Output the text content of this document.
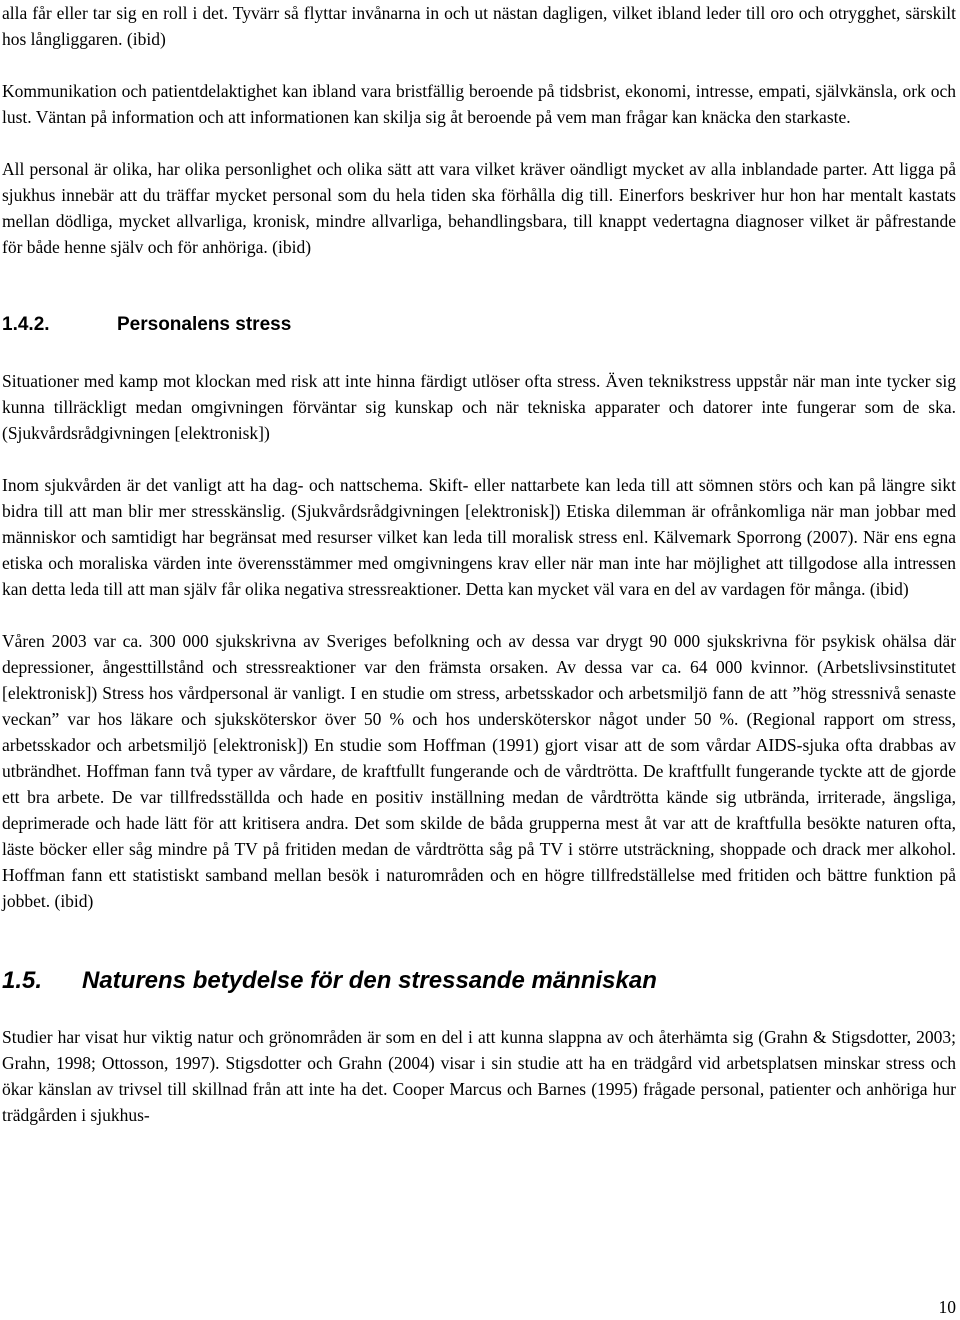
alla får eller tar sig en roll i det. Tyvärr så flyttar invånarna in och ut nästan dagligen, vilket ibland leder till oro och otrygghet, särskilt hos långliggaren. (ibid)

Kommunikation och patientdelaktighet kan ibland vara bristfällig beroende på tidsbrist, ekonomi, intresse, empati, självkänsla, ork och lust. Väntan på information och att informationen kan skilja sig åt beroende på vem man frågar kan knäcka den starkaste.

All personal är olika, har olika personlighet och olika sätt att vara vilket kräver oändligt mycket av alla inblandade parter. Att ligga på sjukhus innebär att du träffar mycket personal som du hela tiden ska förhålla dig till. Einerfors beskriver hur hon har mentalt kastats mellan dödliga, mycket allvarliga, kronisk, mindre allvarliga, behandlingsbara, till knappt vedertagna diagnoser vilket är påfrestande för både henne själv och för anhöriga. (ibid)

1.4.2.	Personalens stress

Situationer med kamp mot klockan med risk att inte hinna färdigt utlöser ofta stress. Även teknikstress uppstår när man inte tycker sig kunna tillräckligt medan omgivningen förväntar sig kunskap och när tekniska apparater och datorer inte fungerar som de ska. (Sjukvårdsrådgivningen [elektronisk])

Inom sjukvården är det vanligt att ha dag- och nattschema. Skift- eller nattarbete kan leda till att sömnen störs och kan på längre sikt bidra till att man blir mer stresskänslig. (Sjukvårdsrådgivningen [elektronisk]) Etiska dilemman är ofrånkomliga när man jobbar med människor och samtidigt har begränsat med resurser vilket kan leda till moralisk stress enl. Kälvemark Sporrong (2007). När ens egna etiska och moraliska värden inte överensstämmer med omgivningens krav eller när man inte har möjlighet att tillgodose alla intressen kan detta leda till att man själv får olika negativa stressreaktioner. Detta kan mycket väl vara en del av vardagen för många. (ibid)

Våren 2003 var ca. 300 000 sjukskrivna av Sveriges befolkning och av dessa var drygt 90 000 sjukskrivna för psykisk ohälsa där depressioner, ångesttillstånd och stressreaktioner var den främsta orsaken. Av dessa var ca. 64 000 kvinnor. (Arbetslivsinstitutet [elektronisk]) Stress hos vårdpersonal är vanligt. I en studie om stress, arbetsskador och arbetsmiljö fann de att ”hög stressnivå senaste veckan” var hos läkare och sjuksköterskor över 50 % och hos undersköterskor något under 50 %. (Regional rapport om stress, arbetsskador och arbetsmiljö [elektronisk]) En studie som Hoffman (1991) gjort visar att de som vårdar AIDS-sjuka ofta drabbas av utbrändhet. Hoffman fann två typer av vårdare, de kraftfullt fungerande och de vårdtrötta. De kraftfullt fungerande tyckte att de gjorde ett bra arbete. De var tillfredsställda och hade en positiv inställning medan de vårdtrötta kände sig utbrända, irriterade, ängsliga, deprimerade och hade lätt för att kritisera andra. Det som skilde de båda grupperna mest åt var att de kraftfulla besökte naturen ofta, läste böcker eller såg mindre på TV på fritiden medan de vårdtrötta såg på TV i större utsträckning, shoppade och drack mer alkohol. Hoffman fann ett statistiskt samband mellan besök i naturområden och en högre tillfredställelse med fritiden och bättre funktion på jobbet. (ibid)

1.5. Naturens betydelse för den stressande människan

Studier har visat hur viktig natur och grönområden är som en del i att kunna slappna av och återhämta sig (Grahn & Stigsdotter, 2003; Grahn, 1998; Ottosson, 1997). Stigsdotter och Grahn (2004) visar i sin studie att ha en trädgård vid arbetsplatsen minskar stress och ökar känslan av trivsel till skillnad från att inte ha det. Cooper Marcus och Barnes (1995) frågade personal, patienter och anhöriga hur trädgården i sjukhus-

10
